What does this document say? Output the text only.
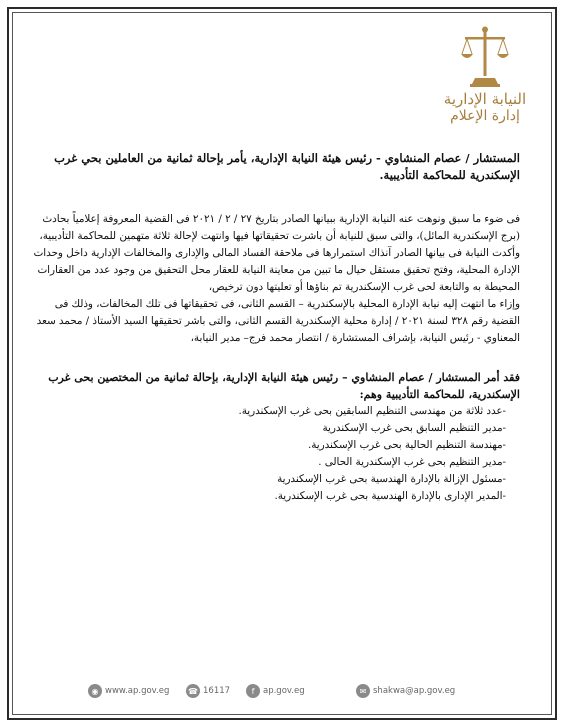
النيابة الإدارية
إدارة الإعلام

المستشار / عصام المنشاوي - رئيس هيئة النيابة الإدارية، يأمر بإحالة ثمانية من العاملين بحي غرب الإسكندرية للمحاكمة التأديبية.

فى ضوء ما سبق ونوهت عنه النيابة الإدارية ببيانها الصادر بتاريخ ٢٧ / ٢ / ٢٠٢١ فى القضية المعروفة إعلامياً بحادث (برج الإسكندرية المائل)، والتى سبق للنيابة أن باشرت تحقيقاتها فيها وانتهت لإحالة ثلاثة متهمين للمحاكمة التأديبية،

وأكدت النيابة فى بيانها الصادر آنذاك استمرارها فى ملاحقة الفساد المالى والإدارى والمخالفات الإدارية داخل وحدات الإدارة المحلية، وفتح تحقيق مستقل حيال ما تبين من معاينة النيابة للعقار محل التحقيق من وجود عدد من العقارات المحيطة به والتابعة لحى غرب الإسكندرية تم بناؤها أو تعليتها دون ترخيص،

وإزاء ما انتهت إليه نيابة الإدارة المحلية بالإسكندرية – القسم الثانى، فى تحقيقاتها فى تلك المخالفات، وذلك فى القضية رقم ٣٢٨ لسنة ٢٠٢١ / إدارة محلية الإسكندرية القسم الثانى، والتى باشر تحقيقها السيد الأستاذ / محمد سعد المعناوي - رئيس النيابة، بإشراف المستشارة / انتصار محمد فرج– مدير النيابة،

فقد أمر المستشار / عصام المنشاوي – رئيس هيئة النيابة الإدارية، بإحالة ثمانية من المختصين بحى غرب الإسكندرية، للمحاكمة التأديبية وهم:

-عدد ثلاثة من مهندسى التنظيم السابقين بحى غرب الإسكندرية.
-مدير التنظيم السابق بحى غرب الإسكندرية
-مهندسة التنظيم الحالية بحى غرب الإسكندرية.
-مدير التنظيم بحى غرب الإسكندرية الحالى .
-مسئول الإزالة بالإدارة الهندسية بحى غرب الإسكندرية
-المدير الإدارى بالإدارة الهندسية بحى غرب الإسكندرية.
◉ www.ap.gov.eg ☎ 16117	f	ap.gov.eg	✉ shakwa@ap.gov.eg
